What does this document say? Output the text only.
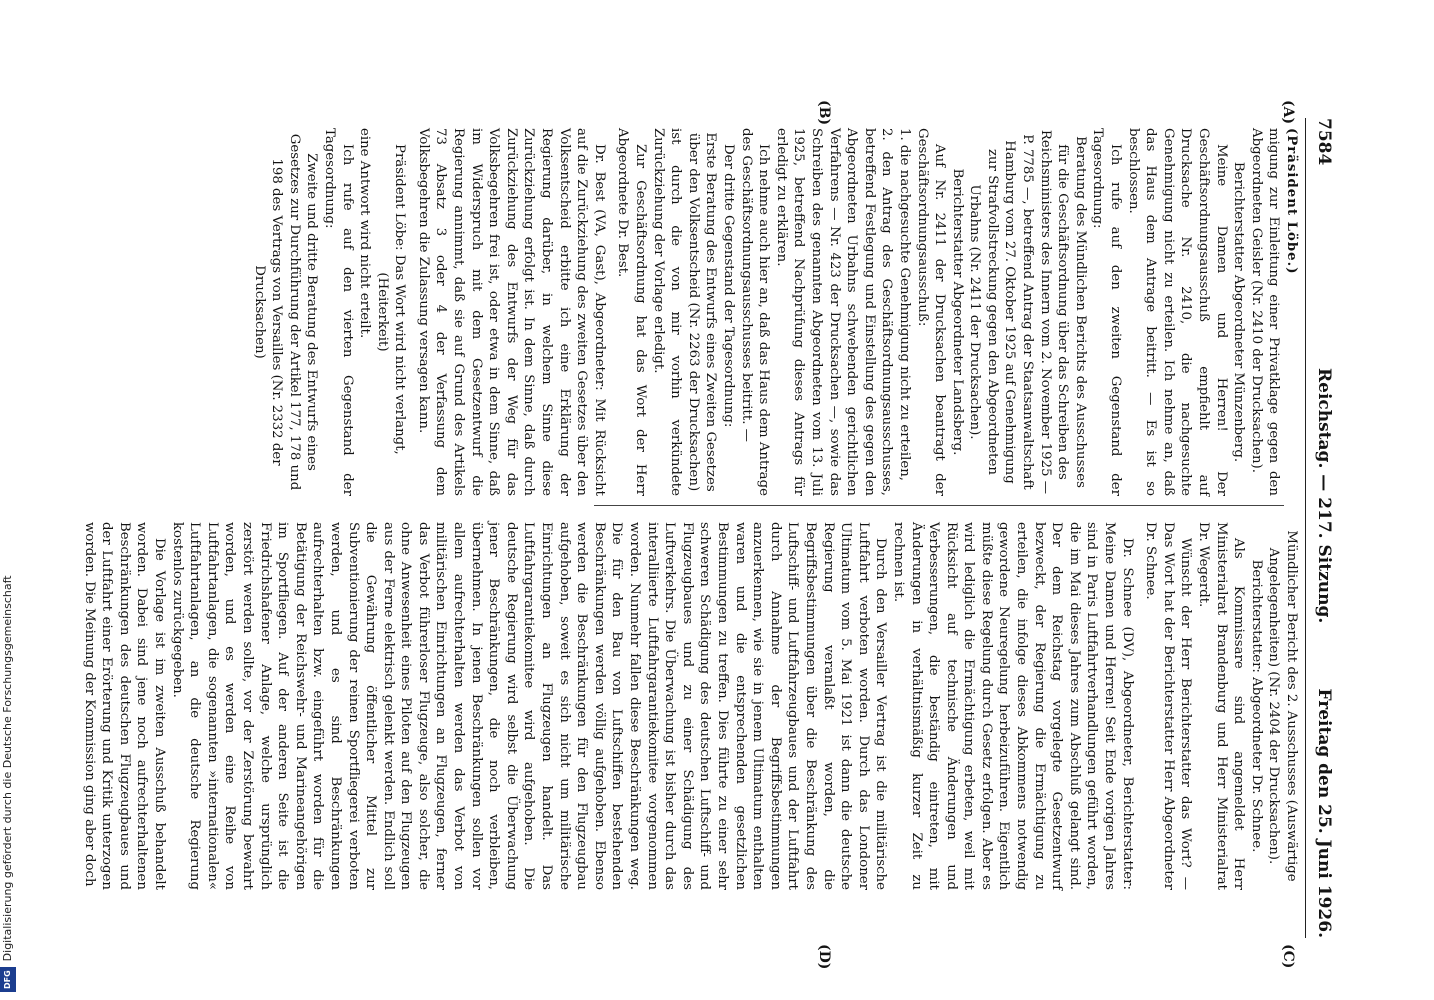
7584
Reichstag. — 217. Sitzung.
Freitag den 25. Juni 1926.
(A)
(B)
(C)
(D)

(Präsident Löbe.)

migung zur Einleitung einer Privatklage gegen den Abgeordneten Geisler (Nr. 2410 der Drucksachen).

Berichterstatter Abgeordneter Münzenberg.

Meine Damen und Herren! Der Geschäftsordnungsausschuß empfiehlt auf Drucksache Nr. 2410, die nachgesuchte Genehmigung nicht zu erteilen. Ich nehme an, daß das Haus dem Antrage beitritt. — Es ist so beschlossen.

Ich rufe auf den zweiten Gegenstand der Tagesordnung:

Beratung des Mündlichen Berichts des Ausschusses für die Geschäftsordnung über das Schreiben des Reichsministers des Innern vom 2. November 1925 — P. 7785 —, betreffend Antrag der Staatsanwaltschaft Hamburg vom 27. Oktober 1925 auf Genehmigung zur Strafvollstreckung gegen den Abgeordneten Urbahns (Nr. 2411 der Drucksachen).

Berichterstatter Abgeordneter Landsberg.

Auf Nr. 2411 der Drucksachen beantragt der Geschäftsordnungsausschuß:

1. die nachgesuchte Genehmigung nicht zu erteilen,

2. den Antrag des Geschäftsordnungsausschusses, betreffend Festlegung und Einstellung des gegen den Abgeordneten Urbahns schwebenden gerichtlichen Verfahrens — Nr. 423 der Drucksachen —, sowie das Schreiben des genannten Abgeordneten vom 13. Juli 1925, betreffend Nachprüfung dieses Antrags für erledigt zu erklären.

Ich nehme auch hier an, daß das Haus dem Antrage des Geschäftsordnungsausschusses beitritt. —

Der dritte Gegenstand der Tagesordnung:

Erste Beratung des Entwurfs eines Zweiten Gesetzes über den Volksentscheid (Nr. 2263 der Drucksachen)

ist durch die von mir vorhin verkündete Zurückziehung der Vorlage erledigt.

Zur Geschäftsordnung hat das Wort der Herr Abgeordnete Dr. Best.

Dr. Best (VA, Gast), Abgeordneter: Mit Rücksicht auf die Zurückziehung des zweiten Gesetzes über den Volksentscheid erbitte ich eine Erklärung der Regierung darüber, in welchem Sinne diese Zurückziehung erfolgt ist. In dem Sinne, daß durch Zurückziehung des Entwurfs der Weg für das Volksbegehren frei ist, oder etwa in dem Sinne, daß im Widerspruch mit dem Gesetzentwurf die Regierung annimmt, daß sie auf Grund des Artikels 73 Absatz 3 oder 4 der Verfassung dem Volksbegehren die Zulassung versagen kann.

Präsident Löbe: Das Wort wird nicht verlangt,

(Heiterkeit)

eine Antwort wird nicht erteilt.

Ich rufe auf den vierten Gegenstand der Tagesordnung:

Zweite und dritte Beratung des Entwurfs eines Gesetzes zur Durchführung der Artikel 177, 178 und 198 des Vertrags von Versailles (Nr. 2332 der Drucksachen)

Mündlicher Bericht des 2. Ausschusses (Auswärtige Angelegenheiten) (Nr. 2404 der Drucksachen).

Berichterstatter: Abgeordneter Dr. Schnee.

Als Kommissare sind angemeldet Herr Ministerialrat Brandenburg und Herr Ministerialrat Dr. Wegerdt.

Wünscht der Herr Berichterstatter das Wort? — Das Wort hat der Berichterstatter Herr Abgeordneter Dr. Schnee.

Dr. Schnee (DV), Abgeordneter, Berichterstatter: Meine Damen und Herren! Seit Ende vorigen Jahres sind in Paris Luftfahrtverhandlungen geführt worden, die im Mai dieses Jahres zum Abschluß gelangt sind. Der dem Reichstag vorgelegte Gesetzentwurf bezweckt, der Regierung die Ermächtigung zu erteilen, die infolge dieses Abkommens notwendig gewordene Neuregelung herbeizuführen. Eigentlich müßte diese Regelung durch Gesetz erfolgen. Aber es wird lediglich die Ermächtigung erbeten, weil mit Rücksicht auf technische Änderungen und Verbesserungen, die beständig eintreten, mit Änderungen in verhältnismäßig kurzer Zeit zu rechnen ist.

Durch den Versailler Vertrag ist die militärische Luftfahrt verboten worden. Durch das Londoner Ultimatum vom 5. Mai 1921 ist dann die deutsche Regierung veranlaßt worden, die Begriffsbestimmungen über die Beschränkung des Luftschiff- und Luftfahrzeugbaues und der Luftfahrt durch Annahme der Begriffsbestimmungen anzuerkennen, wie sie in jenem Ultimatum enthalten waren und die entsprechenden gesetzlichen Bestimmungen zu treffen. Dies führte zu einer sehr schweren Schädigung des deutschen Luftschiff- und Flugzeugbaues und zu einer Schädigung des Luftverkehrs. Die Überwachung ist bisher durch das interalliierte Luftfahrgarantiekomitee vorgenommen worden. Nunmehr fallen diese Beschränkungen weg. Die für den Bau von Luftschiffen bestehenden Beschränkungen werden völlig aufgehoben. Ebenso werden die Beschränkungen für den Flugzeugbau aufgehoben, soweit es sich nicht um militärische Einrichtungen an Flugzeugen handelt. Das Luftfahrgarantiekomitee wird aufgehoben. Die deutsche Regierung wird selbst die Überwachung jener Beschränkungen, die noch verbleiben, übernehmen. In jenen Beschränkungen sollen vor allem aufrechterhalten werden das Verbot von militärischen Einrichtungen an Flugzeugen, ferner das Verbot führerloser Flugzeuge, also solcher, die ohne Anwesenheit eines Piloten auf den Flugzeugen aus der Ferne elektrisch gelenkt werden. Endlich soll die Gewährung öffentlicher Mittel zur Subventionierung der reinen Sportfliegerei verboten werden, und es sind Beschränkungen aufrechterhalten bzw. eingeführt worden für die Betätigung der Reichswehr- und Marineangehörigen im Sportfliegen. Auf der anderen Seite ist die Friedrichshafener Anlage, welche ursprünglich zerstört werden sollte, vor der Zerstörung bewahrt worden, und es werden eine Reihe von Luftfahrtanlagen, die sogenannten »internationalen« Luftfahrtanlagen, an die deutsche Regierung kostenlos zurückgegeben.

Die Vorlage ist im zweiten Ausschuß behandelt worden. Dabei sind jene noch aufrechterhaltenen Beschränkungen des deutschen Flugzeugbaues und der Luftfahrt einer Erörterung und Kritik unterzogen worden. Die Meinung der Kommission ging aber doch

DFG
Digitalisierung gefördert durch die Deutsche Forschungsgemeinschaft
